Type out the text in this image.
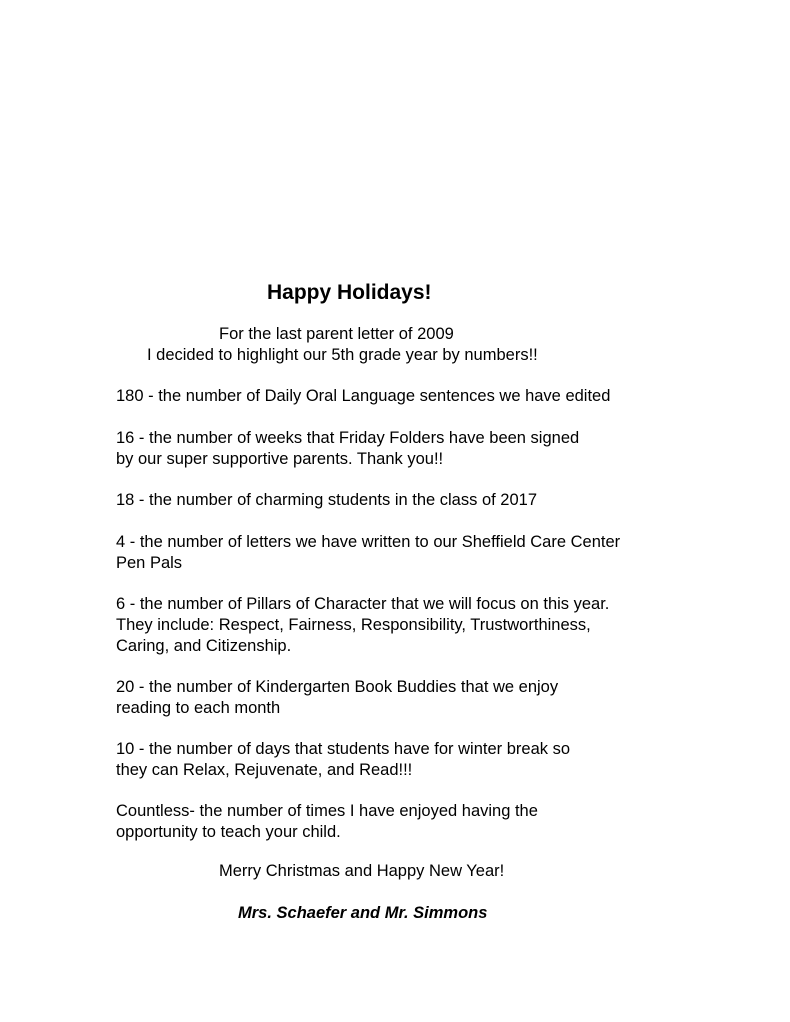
Happy Holidays!
For the last parent letter of 2009
I decided to highlight our 5th grade year by numbers!!
180 - the number of Daily Oral Language sentences we have edited
16 - the number of weeks that Friday Folders have been signed
by our super supportive parents. Thank you!!
18 - the number of charming students in the class of 2017
4 - the number of letters we have written to our Sheffield Care Center
Pen Pals
6 - the number of Pillars of Character that we will focus on this year.
They include: Respect, Fairness, Responsibility, Trustworthiness,
Caring, and Citizenship.
20 - the number of Kindergarten Book Buddies that we enjoy
reading to each month
10 - the number of days that students have for winter break so
they can Relax, Rejuvenate, and Read!!!
Countless- the number of times I have enjoyed having the
opportunity to teach your child.
Merry Christmas and Happy New Year!
Mrs. Schaefer and Mr. Simmons
